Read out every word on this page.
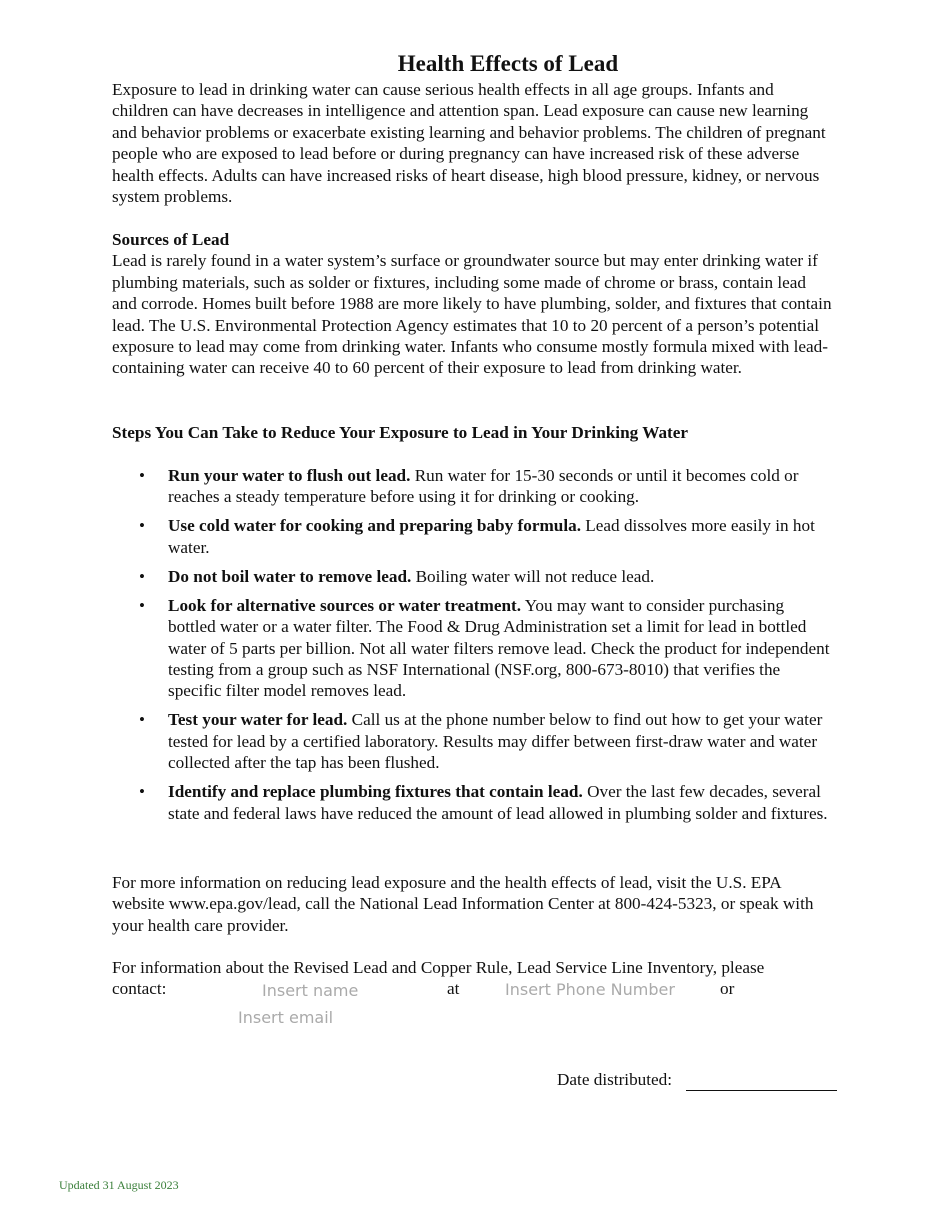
Health Effects of Lead
Exposure to lead in drinking water can cause serious health effects in all age groups. Infants and children can have decreases in intelligence and attention span. Lead exposure can cause new learning and behavior problems or exacerbate existing learning and behavior problems. The children of pregnant people who are exposed to lead before or during pregnancy can have increased risk of these adverse health effects. Adults can have increased risks of heart disease, high blood pressure, kidney, or nervous system problems.
Sources of Lead
Lead is rarely found in a water system’s surface or groundwater source but may enter drinking water if plumbing materials, such as solder or fixtures, including some made of chrome or brass, contain lead and corrode. Homes built before 1988 are more likely to have plumbing, solder, and fixtures that contain lead. The U.S. Environmental Protection Agency estimates that 10 to 20 percent of a person’s potential exposure to lead may come from drinking water. Infants who consume mostly formula mixed with lead-containing water can receive 40 to 60 percent of their exposure to lead from drinking water.
Steps You Can Take to Reduce Your Exposure to Lead in Your Drinking Water
• Run your water to flush out lead. Run water for 15-30 seconds or until it becomes cold or reaches a steady temperature before using it for drinking or cooking.
• Use cold water for cooking and preparing baby formula. Lead dissolves more easily in hot water.
• Do not boil water to remove lead. Boiling water will not reduce lead.
• Look for alternative sources or water treatment. You may want to consider purchasing bottled water or a water filter. The Food & Drug Administration set a limit for lead in bottled water of 5 parts per billion. Not all water filters remove lead. Check the product for independent testing from a group such as NSF International (NSF.org, 800-673-8010) that verifies the specific filter model removes lead.
• Test your water for lead. Call us at the phone number below to find out how to get your water tested for lead by a certified laboratory. Results may differ between first-draw water and water collected after the tap has been flushed.
• Identify and replace plumbing fixtures that contain lead. Over the last few decades, several state and federal laws have reduced the amount of lead allowed in plumbing solder and fixtures.
For more information on reducing lead exposure and the health effects of lead, visit the U.S. EPA website www.epa.gov/lead, call the National Lead Information Center at 800-424-5323, or speak with your health care provider.
For information about the Revised Lead and Copper Rule, Lead Service Line Inventory, please
contact:	Insert name	at	Insert Phone Number	or
Insert email
Date distributed:
Updated 31 August 2023
